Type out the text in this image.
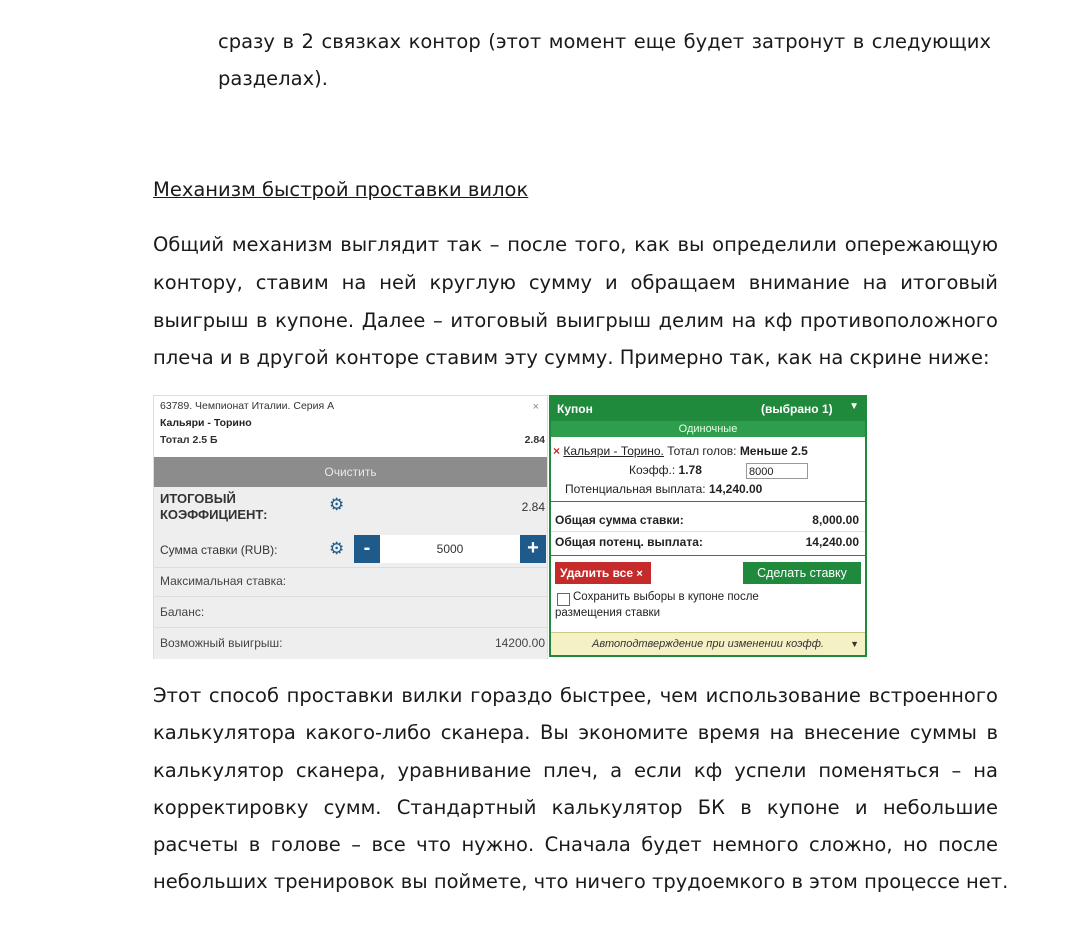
сразу в 2 связках контор (этот момент еще будет затронут в следующих
разделах).
Механизм быстрой проставки вилок
Общий механизм выглядит так – после того, как вы определили опережающую
контору, ставим на ней круглую сумму и обращаем внимание на итоговый
выигрыш в купоне. Далее – итоговый выигрыш делим на кф противоположного
плеча и в другой конторе ставим эту сумму. Примерно так, как на скрине ниже:
63789. Чемпионат Италии. Серия А	×
Кальяри - Торино
Тотал 2.5 Б	2.84
Очистить
ИТОГОВЫЙ
КОЭФФИЦИЕНТ:
⚙	2.84
Сумма ставки (RUB):	⚙ -	5000	+
Максимальная ставка:
Баланс:
Возможный выигрыш:	14200.00
Купон	(выбрано 1) ▼
Одиночные
× Кальяри - Торино. Тотал голов: Меньше 2.5
Коэфф.: 1.78	8000
Потенциальная выплата: 14,240.00
Общая сумма ставки:	8,000.00
Общая потенц. выплата:	14,240.00
Удалить все ×	Сделать ставку
Сохранить выборы в купоне после
размещения ставки
Автоподтверждение при изменении коэфф.	▼
Этот способ проставки вилки гораздо быстрее, чем использование встроенного
калькулятора какого-либо сканера. Вы экономите время на внесение суммы в
калькулятор сканера, уравнивание плеч, а если кф успели поменяться – на
корректировку сумм. Стандартный калькулятор БК в купоне и небольшие
расчеты в голове – все что нужно. Сначала будет немного сложно, но после
небольших тренировок вы поймете, что ничего трудоемкого в этом процессе нет.
